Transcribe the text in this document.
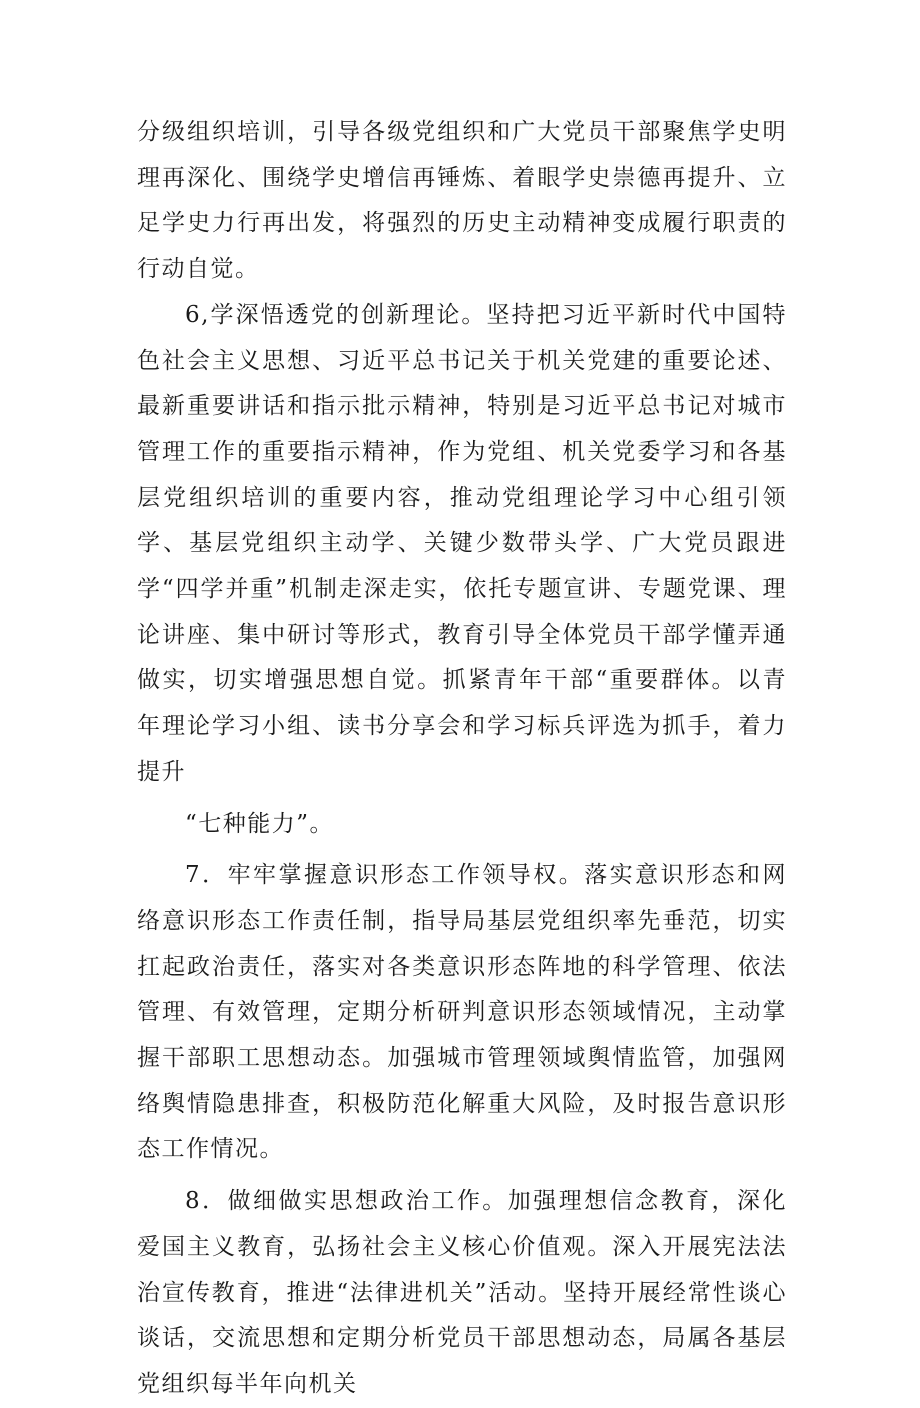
分级组织培训，引导各级党组织和广大党员干部聚焦学史明理再深化、围绕学史增信再锤炼、着眼学史崇德再提升、立足学史力行再出发，将强烈的历史主动精神变成履行职责的行动自觉。

6,学深悟透党的创新理论。坚持把习近平新时代中国特色社会主义思想、习近平总书记关于机关党建的重要论述、最新重要讲话和指示批示精神，特别是习近平总书记对城市管理工作的重要指示精神，作为党组、机关党委学习和各基层党组织培训的重要内容，推动党组理论学习中心组引领学、基层党组织主动学、关键少数带头学、广大党员跟进学“四学并重”机制走深走实，依托专题宣讲、专题党课、理论讲座、集中研讨等形式，教育引导全体党员干部学懂弄通做实，切实增强思想自觉。抓紧青年干部“重要群体。以青年理论学习小组、读书分享会和学习标兵评选为抓手，着力提升

“七种能力”。

7．牢牢掌握意识形态工作领导权。落实意识形态和网络意识形态工作责任制，指导局基层党组织率先垂范，切实扛起政治责任，落实对各类意识形态阵地的科学管理、依法管理、有效管理，定期分析研判意识形态领域情况，主动掌握干部职工思想动态。加强城市管理领域舆情监管，加强网络舆情隐患排查，积极防范化解重大风险，及时报告意识形态工作情况。

8．做细做实思想政治工作。加强理想信念教育，深化爱国主义教育，弘扬社会主义核心价值观。深入开展宪法法治宣传教育，推进“法律进机关”活动。坚持开展经常性谈心谈话，交流思想和定期分析党员干部思想动态，局属各基层党组织每半年向机关
